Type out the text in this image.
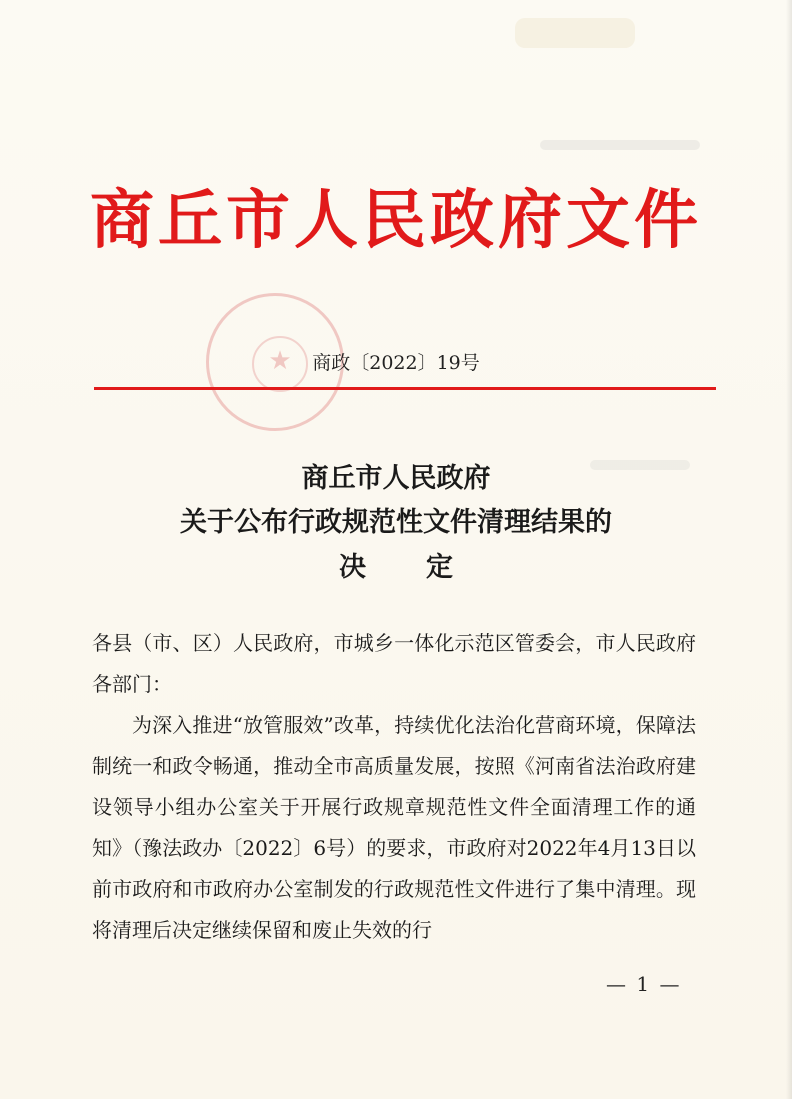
★
商丘市人民政府文件
商政〔2022〕19号
商丘市人民政府
关于公布行政规范性文件清理结果的
决定
各县（市、区）人民政府，市城乡一体化示范区管委会，市人民政府各部门：
为深入推进“放管服效”改革，持续优化法治化营商环境，保障法制统一和政令畅通，推动全市高质量发展，按照《河南省法治政府建设领导小组办公室关于开展行政规章规范性文件全面清理工作的通知》（豫法政办〔2022〕6号）的要求，市政府对2022年4月13日以前市政府和市政府办公室制发的行政规范性文件进行了集中清理。现将清理后决定继续保留和废止失效的行
— 1 —
